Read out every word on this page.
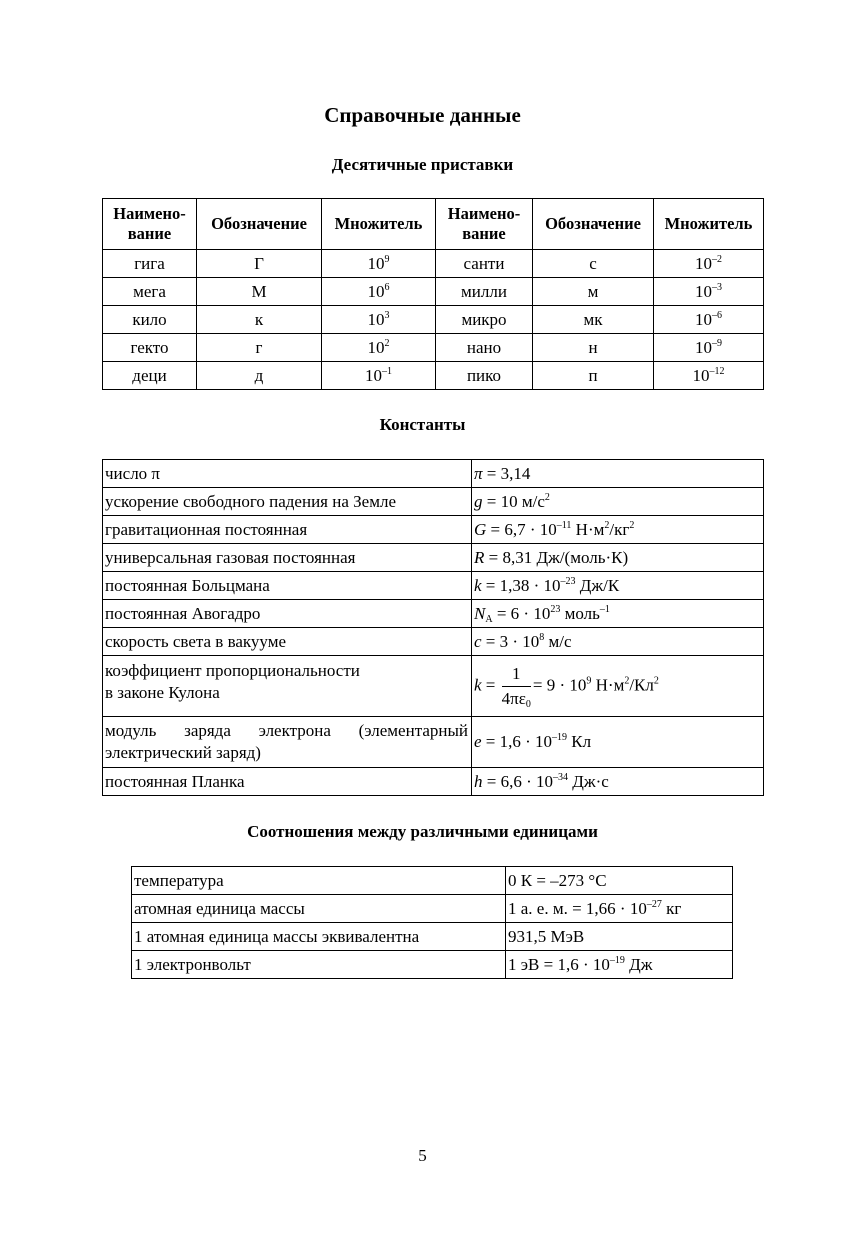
Справочные данные
Десятичные приставки
Наимено-вание	Обозначение	Множитель	Наимено-вание	Обозначение	Множитель
гига	Г	$10^9$	санти	с	$10^{-2}$
мега	М	$10^6$	милли	м	$10^{-3}$
кило	к	$10^3$	микро	мк	$10^{-6}$
гекто	г	$10^2$	нано	н	$10^{-9}$
деци	д	$10^{-1}$	пико	п	$10^{-12}$
Константы
число π	π = 3,14
ускорение свободного падения на Земле	g = 10 $м/с^2$
гравитационная постоянная	$G = 6,7 \cdot 10^{-11}$ $Н\cdot м^2/кг^2$
универсальная газовая постоянная	R = 8,31 Дж/(моль·К)
постоянная Больцмана	$k = 1,38 \cdot 10^{-23}$ Дж/К
постоянная Авогадро	$N_А = 6 \cdot 10^{23}$ моль$^{-1}$
скорость света в вакууме	$c = 3 \cdot 10^8$ м/с

коэффициент пропорциональности
в законе Кулона	$k = \frac{1}{4\pi\varepsilon_0} = 9 \cdot 10^9$ $Н\cdot м^2/Кл^2$

модуль заряда электрона (элементарный электрический заряд)	$e = 1,6 \cdot 10^{-19}$ Кл
постоянная Планка	$h = 6,6 \cdot 10^{-34}$ Дж·с
Соотношения между различными единицами
температура	0 К = –273 °С
атомная единица массы	1 а. е. м. = $1,66 \cdot 10^{-27}$ кг
1 атомная единица массы эквивалентна	931,5 МэВ
1 электронвольт	1 эВ = $1,6 \cdot 10^{-19}$ Дж
5
